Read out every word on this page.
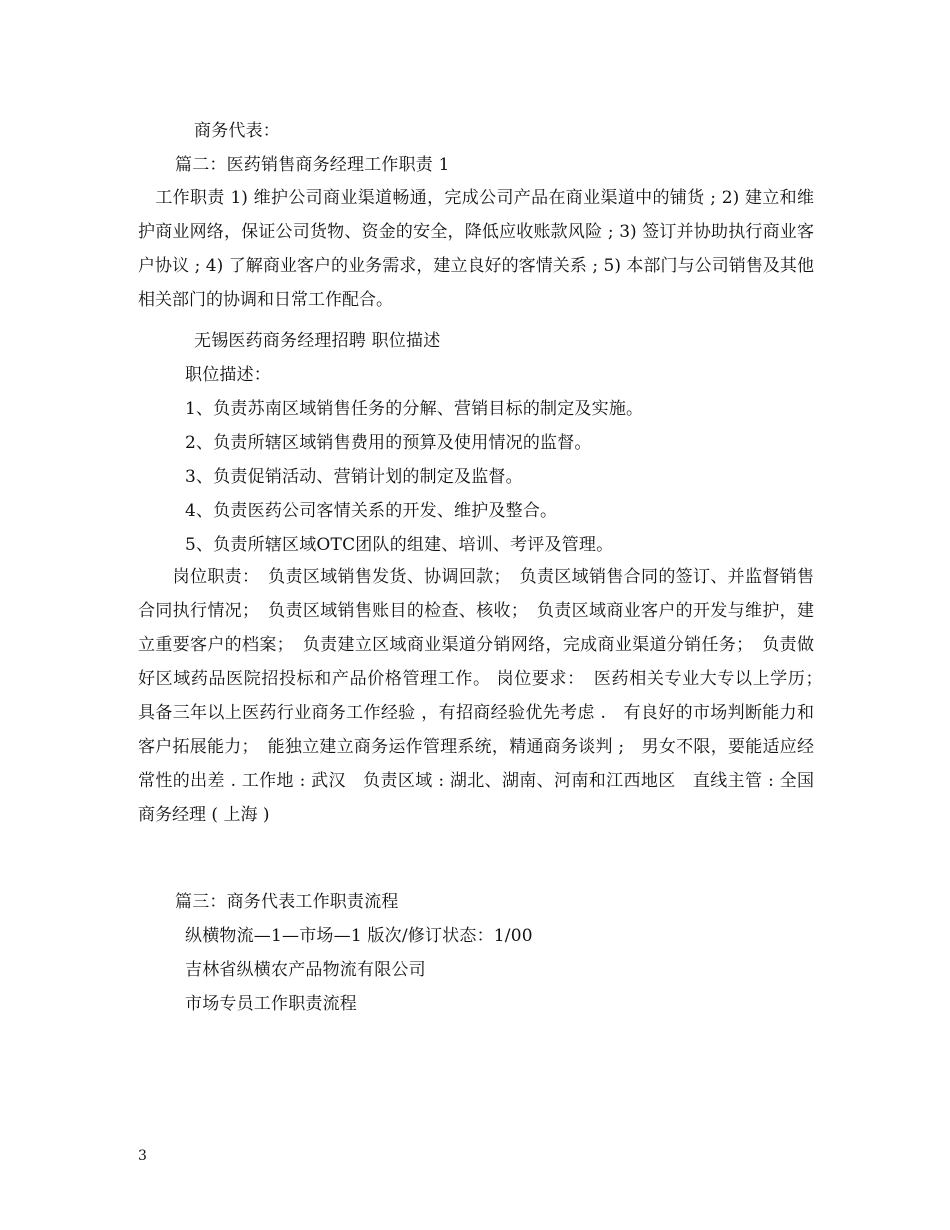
商务代表：
篇二：医药销售商务经理工作职责 1
　工作职责 1) 维护公司商业渠道畅通，完成公司产品在商业渠道中的铺货 ; 2) 建立和维护商业网络，保证公司货物、资金的安全，降低应收账款风险 ; 3) 签订并协助执行商业客户协议 ; 4) 了解商业客户的业务需求，建立良好的客情关系 ; 5) 本部门与公司销售及其他相关部门的协调和日常工作配合。
无锡医药商务经理招聘 职位描述
职位描述：
1、负责苏南区域销售任务的分解、营销目标的制定及实施。
2、负责所辖区域销售费用的预算及使用情况的监督。
3、负责促销活动、营销计划的制定及监督。
4、负责医药公司客情关系的开发、维护及整合。
5、负责所辖区域OTC团队的组建、培训、考评及管理。
　　岗位职责：　负责区域销售发货、协调回款；　负责区域销售合同的签订、并监督销售合同执行情况；　负责区域销售账目的检查、核收；　负责区域商业客户的开发与维护，建立重要客户的档案；　负责建立区域商业渠道分销网络，完成商业渠道分销任务；　负责做好区域药品医院招投标和产品价格管理工作。 岗位要求：　医药相关专业大专以上学历；　具备三年以上医药行业商务工作经验 ，有招商经验优先考虑 .　有良好的市场判断能力和客户拓展能力；　能独立建立商务运作管理系统，精通商务谈判 ;　男女不限，要能适应经常性的出差 . 工作地 : 武汉　负责区域 : 湖北、湖南、河南和江西地区　直线主管 : 全国商务经理 ( 上海 )
篇三：商务代表工作职责流程
纵横物流—1—市场—1 版次/修订状态：1/00
吉林省纵横农产品物流有限公司
市场专员工作职责流程
3
